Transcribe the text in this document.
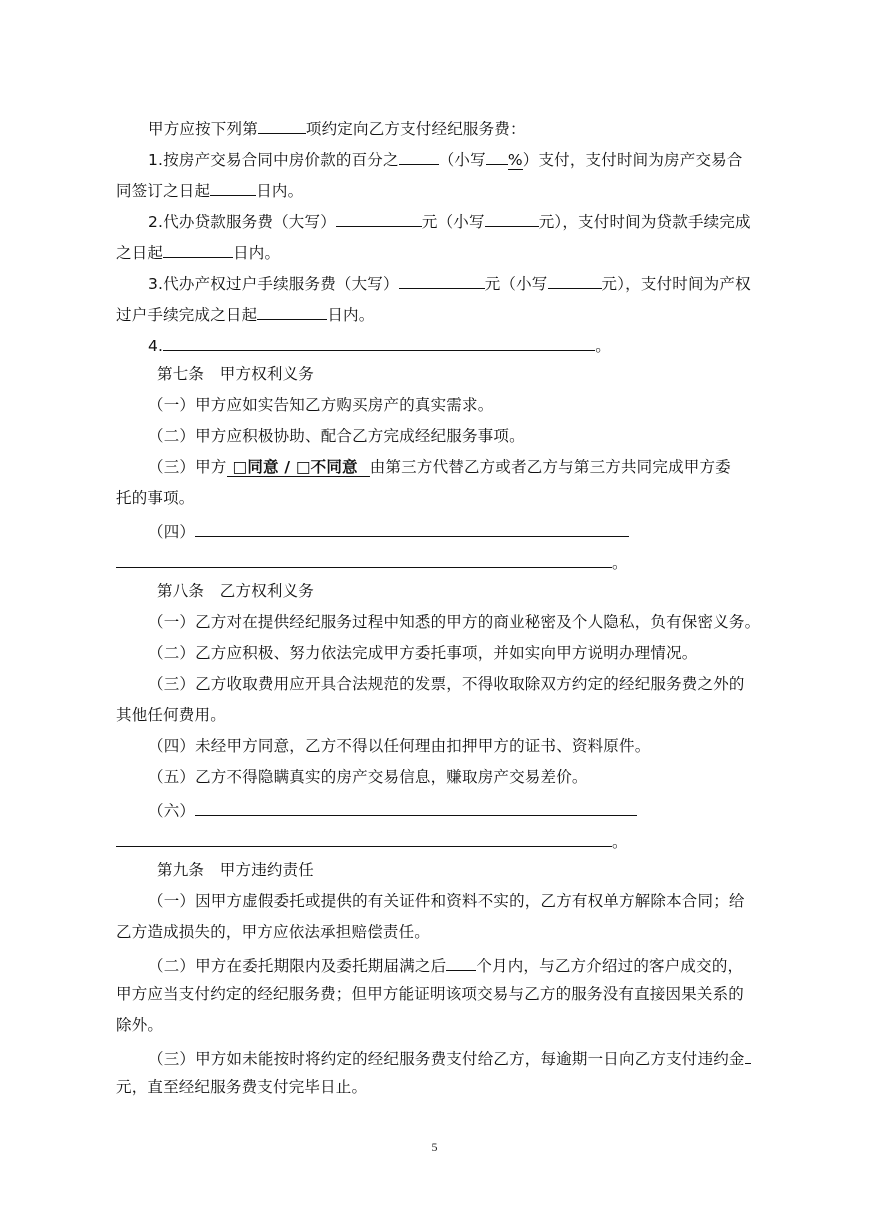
甲方应按下列第	项约定向乙方支付经纪服务费：
1.按房产交易合同中房价款的百分之	（小写 %）支付，支付时间为房产交易合
同签订之日起	日内。
2.代办贷款服务费（大写）	元（小写	元），支付时间为贷款手续完成
之日起	日内。
3.代办产权过户手续服务费（大写）	元（小写	元），支付时间为产权
过户手续完成之日起	日内。
4.	。
第七条　甲方权利义务
（一）甲方应如实告知乙方购买房产的真实需求。
（二）甲方应积极协助、配合乙方完成经纪服务事项。
（三）甲方 □同意 / □不同意 由第三方代替乙方或者乙方与第三方共同完成甲方委
托的事项。
（四）
。
第八条　乙方权利义务
（一）乙方对在提供经纪服务过程中知悉的甲方的商业秘密及个人隐私，负有保密义务。
（二）乙方应积极、努力依法完成甲方委托事项，并如实向甲方说明办理情况。
（三）乙方收取费用应开具合法规范的发票，不得收取除双方约定的经纪服务费之外的
其他任何费用。
（四）未经甲方同意，乙方不得以任何理由扣押甲方的证书、资料原件。
（五）乙方不得隐瞒真实的房产交易信息，赚取房产交易差价。
（六）
。
第九条　甲方违约责任
（一）因甲方虚假委托或提供的有关证件和资料不实的，乙方有权单方解除本合同；给
乙方造成损失的，甲方应依法承担赔偿责任。
（二）甲方在委托期限内及委托期届满之后 个月内，与乙方介绍过的客户成交的，
甲方应当支付约定的经纪服务费；但甲方能证明该项交易与乙方的服务没有直接因果关系的
除外。
（三）甲方如未能按时将约定的经纪服务费支付给乙方，每逾期一日向乙方支付违约金
元，直至经纪服务费支付完毕日止。
5
